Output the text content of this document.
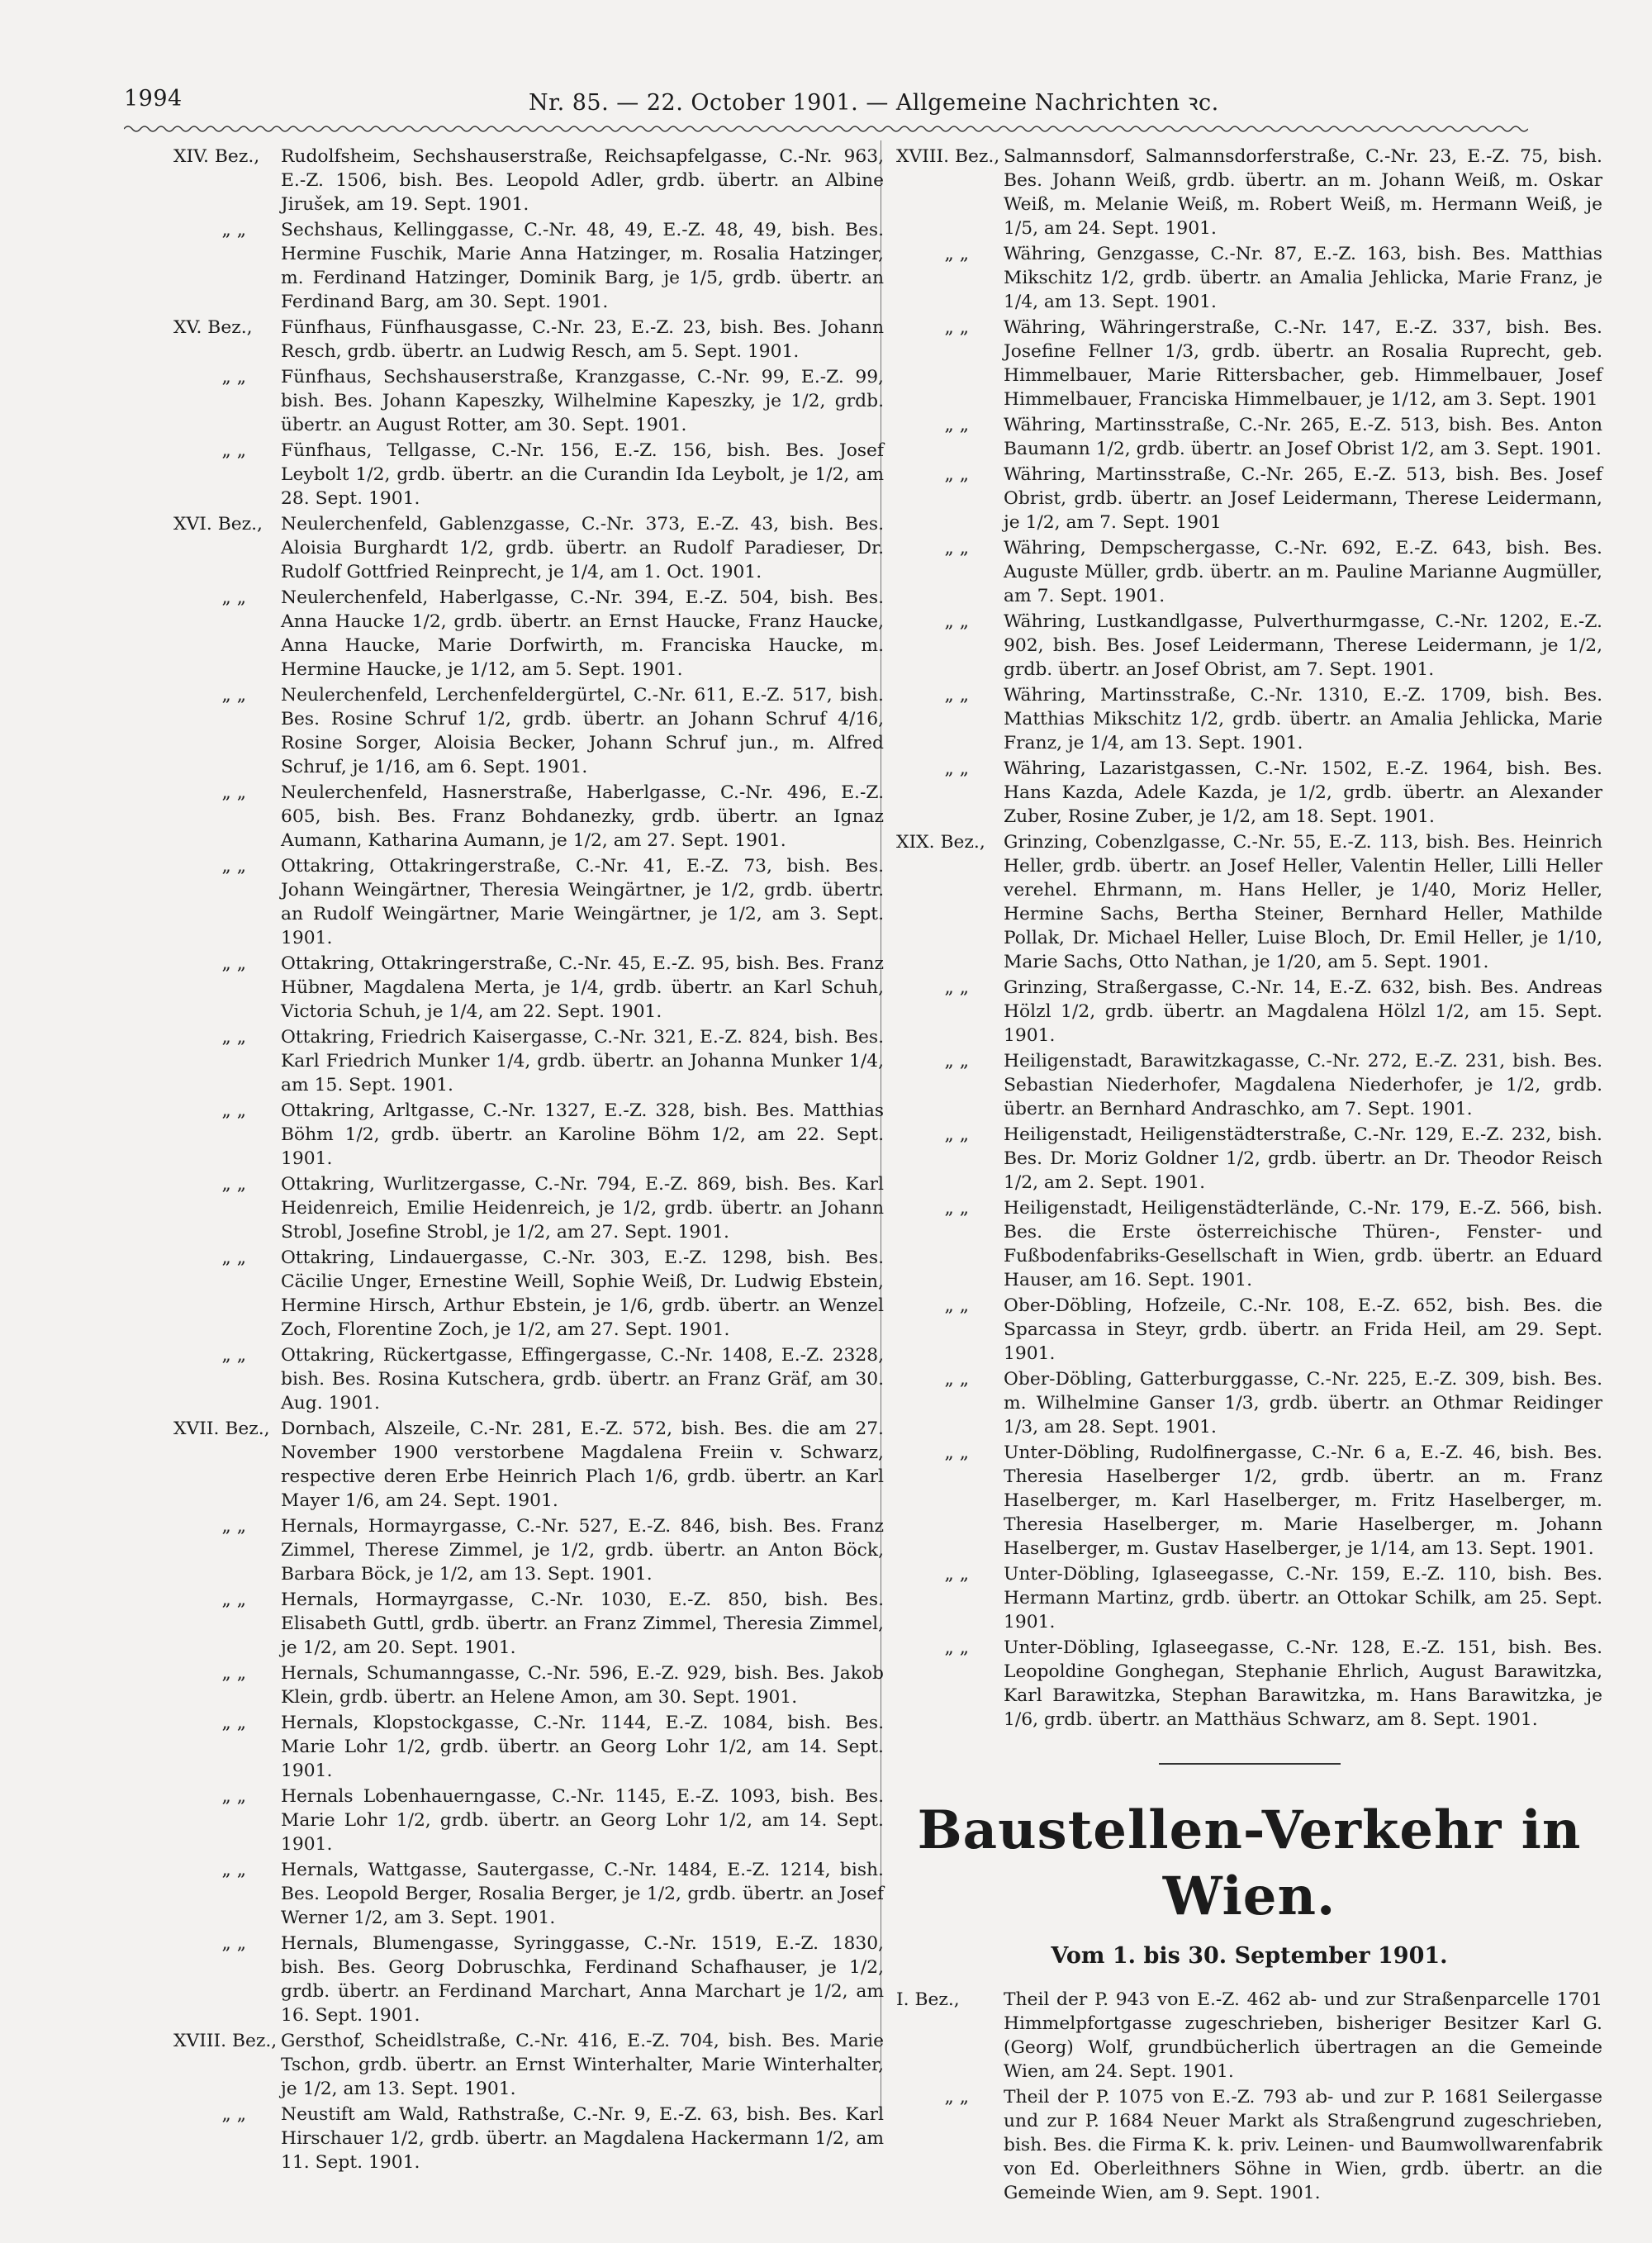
1994	Nr. 85. — 22. October 1901. — Allgemeine Nachrichten ꝛc.
XIV. Bez.,	Rudolfsheim, Sechshauserstraße, Reichsapfelgasse, C.-Nr. 963, E.-Z. 1506, bish. Bes. Leopold Adler, grdb. übertr. an Albine Jirušek, am 19. Sept. 1901.
„ „	Sechshaus, Kellinggasse, C.-Nr. 48, 49, E.-Z. 48, 49, bish. Bes. Hermine Fuschik, Marie Anna Hatzinger, m. Rosalia Hatzinger, m. Ferdinand Hatzinger, Dominik Barg, je 1/5, grdb. übertr. an Ferdinand Barg, am 30. Sept. 1901.
XV. Bez.,	Fünfhaus, Fünfhausgasse, C.-Nr. 23, E.-Z. 23, bish. Bes. Johann Resch, grdb. übertr. an Ludwig Resch, am 5. Sept. 1901.
„ „	Fünfhaus, Sechshauserstraße, Kranzgasse, C.-Nr. 99, E.-Z. 99, bish. Bes. Johann Kapeszky, Wilhelmine Kapeszky, je 1/2, grdb. übertr. an August Rotter, am 30. Sept. 1901.
„ „	Fünfhaus, Tellgasse, C.-Nr. 156, E.-Z. 156, bish. Bes. Josef Leybolt 1/2, grdb. übertr. an die Curandin Ida Leybolt, je 1/2, am 28. Sept. 1901.
XVI. Bez.,	Neulerchenfeld, Gablenzgasse, C.-Nr. 373, E.-Z. 43, bish. Bes. Aloisia Burghardt 1/2, grdb. übertr. an Rudolf Paradieser, Dr. Rudolf Gottfried Reinprecht, je 1/4, am 1. Oct. 1901.
„ „	Neulerchenfeld, Haberlgasse, C.-Nr. 394, E.-Z. 504, bish. Bes. Anna Haucke 1/2, grdb. übertr. an Ernst Haucke, Franz Haucke, Anna Haucke, Marie Dorfwirth, m. Franciska Haucke, m. Hermine Haucke, je 1/12, am 5. Sept. 1901.
„ „	Neulerchenfeld, Lerchenfeldergürtel, C.-Nr. 611, E.-Z. 517, bish. Bes. Rosine Schruf 1/2, grdb. übertr. an Johann Schruf 4/16, Rosine Sorger, Aloisia Becker, Johann Schruf jun., m. Alfred Schruf, je 1/16, am 6. Sept. 1901.
„ „	Neulerchenfeld, Hasnerstraße, Haberlgasse, C.-Nr. 496, E.-Z. 605, bish. Bes. Franz Bohdanezky, grdb. übertr. an Ignaz Aumann, Katharina Aumann, je 1/2, am 27. Sept. 1901.
„ „	Ottakring, Ottakringerstraße, C.-Nr. 41, E.-Z. 73, bish. Bes. Johann Weingärtner, Theresia Weingärtner, je 1/2, grdb. übertr. an Rudolf Weingärtner, Marie Weingärtner, je 1/2, am 3. Sept. 1901.
„ „	Ottakring, Ottakringerstraße, C.-Nr. 45, E.-Z. 95, bish. Bes. Franz Hübner, Magdalena Merta, je 1/4, grdb. übertr. an Karl Schuh, Victoria Schuh, je 1/4, am 22. Sept. 1901.
„ „	Ottakring, Friedrich Kaisergasse, C.-Nr. 321, E.-Z. 824, bish. Bes. Karl Friedrich Munker 1/4, grdb. übertr. an Johanna Munker 1/4, am 15. Sept. 1901.
„ „	Ottakring, Arltgasse, C.-Nr. 1327, E.-Z. 328, bish. Bes. Matthias Böhm 1/2, grdb. übertr. an Karoline Böhm 1/2, am 22. Sept. 1901.
„ „	Ottakring, Wurlitzergasse, C.-Nr. 794, E.-Z. 869, bish. Bes. Karl Heidenreich, Emilie Heidenreich, je 1/2, grdb. übertr. an Johann Strobl, Josefine Strobl, je 1/2, am 27. Sept. 1901.
„ „	Ottakring, Lindauergasse, C.-Nr. 303, E.-Z. 1298, bish. Bes. Cäcilie Unger, Ernestine Weill, Sophie Weiß, Dr. Ludwig Ebstein, Hermine Hirsch, Arthur Ebstein, je 1/6, grdb. übertr. an Wenzel Zoch, Florentine Zoch, je 1/2, am 27. Sept. 1901.
„ „	Ottakring, Rückertgasse, Effingergasse, C.-Nr. 1408, E.-Z. 2328, bish. Bes. Rosina Kutschera, grdb. übertr. an Franz Gräf, am 30. Aug. 1901.
XVII. Bez., Dornbach, Alszeile, C.-Nr. 281, E.-Z. 572, bish. Bes. die am 27. November 1900 verstorbene Magdalena Freiin v. Schwarz, respective deren Erbe Heinrich Plach 1/6, grdb. übertr. an Karl Mayer 1/6, am 24. Sept. 1901.
„ „	Hernals, Hormayrgasse, C.-Nr. 527, E.-Z. 846, bish. Bes. Franz Zimmel, Therese Zimmel, je 1/2, grdb. übertr. an Anton Böck, Barbara Böck, je 1/2, am 13. Sept. 1901.
„ „	Hernals, Hormayrgasse, C.-Nr. 1030, E.-Z. 850, bish. Bes. Elisabeth Guttl, grdb. übertr. an Franz Zimmel, Theresia Zimmel, je 1/2, am 20. Sept. 1901.
„ „	Hernals, Schumanngasse, C.-Nr. 596, E.-Z. 929, bish. Bes. Jakob Klein, grdb. übertr. an Helene Amon, am 30. Sept. 1901.
„ „	Hernals, Klopstockgasse, C.-Nr. 1144, E.-Z. 1084, bish. Bes. Marie Lohr 1/2, grdb. übertr. an Georg Lohr 1/2, am 14. Sept. 1901.
„ „	Hernals Lobenhauerngasse, C.-Nr. 1145, E.-Z. 1093, bish. Bes. Marie Lohr 1/2, grdb. übertr. an Georg Lohr 1/2, am 14. Sept. 1901.
„ „	Hernals, Wattgasse, Sautergasse, C.-Nr. 1484, E.-Z. 1214, bish. Bes. Leopold Berger, Rosalia Berger, je 1/2, grdb. übertr. an Josef Werner 1/2, am 3. Sept. 1901.
„ „	Hernals, Blumengasse, Syringgasse, C.-Nr. 1519, E.-Z. 1830, bish. Bes. Georg Dobruschka, Ferdinand Schafhauser, je 1/2, grdb. übertr. an Ferdinand Marchart, Anna Marchart je 1/2, am 16. Sept. 1901.
XVIII. Bez., Gersthof, Scheidlstraße, C.-Nr. 416, E.-Z. 704, bish. Bes. Marie Tschon, grdb. übertr. an Ernst Winterhalter, Marie Winterhalter, je 1/2, am 13. Sept. 1901.
„ „	Neustift am Wald, Rathstraße, C.-Nr. 9, E.-Z. 63, bish. Bes. Karl Hirschauer 1/2, grdb. übertr. an Magdalena Hackermann 1/2, am 11. Sept. 1901.
XVIII. Bez., Salmannsdorf, Salmannsdorferstraße, C.-Nr. 23, E.-Z. 75, bish. Bes. Johann Weiß, grdb. übertr. an m. Johann Weiß, m. Oskar Weiß, m. Melanie Weiß, m. Robert Weiß, m. Hermann Weiß, je 1/5, am 24. Sept. 1901.
„ „	Währing, Genzgasse, C.-Nr. 87, E.-Z. 163, bish. Bes. Matthias Mikschitz 1/2, grdb. übertr. an Amalia Jehlicka, Marie Franz, je 1/4, am 13. Sept. 1901.
„ „	Währing, Währingerstraße, C.-Nr. 147, E.-Z. 337, bish. Bes. Josefine Fellner 1/3, grdb. übertr. an Rosalia Ruprecht, geb. Himmelbauer, Marie Rittersbacher, geb. Himmelbauer, Josef Himmelbauer, Franciska Himmelbauer, je 1/12, am 3. Sept. 1901
„ „	Währing, Martinsstraße, C.-Nr. 265, E.-Z. 513, bish. Bes. Anton Baumann 1/2, grdb. übertr. an Josef Obrist 1/2, am 3. Sept. 1901.
„ „	Währing, Martinsstraße, C.-Nr. 265, E.-Z. 513, bish. Bes. Josef Obrist, grdb. übertr. an Josef Leidermann, Therese Leidermann, je 1/2, am 7. Sept. 1901
„ „	Währing, Dempschergasse, C.-Nr. 692, E.-Z. 643, bish. Bes. Auguste Müller, grdb. übertr. an m. Pauline Marianne Augmüller, am 7. Sept. 1901.
„ „	Währing, Lustkandlgasse, Pulverthurmgasse, C.-Nr. 1202, E.-Z. 902, bish. Bes. Josef Leidermann, Therese Leidermann, je 1/2, grdb. übertr. an Josef Obrist, am 7. Sept. 1901.
„ „	Währing, Martinsstraße, C.-Nr. 1310, E.-Z. 1709, bish. Bes. Matthias Mikschitz 1/2, grdb. übertr. an Amalia Jehlicka, Marie Franz, je 1/4, am 13. Sept. 1901.
„ „	Währing, Lazaristgassen, C.-Nr. 1502, E.-Z. 1964, bish. Bes. Hans Kazda, Adele Kazda, je 1/2, grdb. übertr. an Alexander Zuber, Rosine Zuber, je 1/2, am 18. Sept. 1901.
XIX. Bez.,	Grinzing, Cobenzlgasse, C.-Nr. 55, E.-Z. 113, bish. Bes. Heinrich Heller, grdb. übertr. an Josef Heller, Valentin Heller, Lilli Heller verehel. Ehrmann, m. Hans Heller, je 1/40, Moriz Heller, Hermine Sachs, Bertha Steiner, Bernhard Heller, Mathilde Pollak, Dr. Michael Heller, Luise Bloch, Dr. Emil Heller, je 1/10, Marie Sachs, Otto Nathan, je 1/20, am 5. Sept. 1901.
„ „	Grinzing, Straßergasse, C.-Nr. 14, E.-Z. 632, bish. Bes. Andreas Hölzl 1/2, grdb. übertr. an Magdalena Hölzl 1/2, am 15. Sept. 1901.
„ „	Heiligenstadt, Barawitzkagasse, C.-Nr. 272, E.-Z. 231, bish. Bes. Sebastian Niederhofer, Magdalena Niederhofer, je 1/2, grdb. übertr. an Bernhard Andraschko, am 7. Sept. 1901.
„ „	Heiligenstadt, Heiligenstädterstraße, C.-Nr. 129, E.-Z. 232, bish. Bes. Dr. Moriz Goldner 1/2, grdb. übertr. an Dr. Theodor Reisch 1/2, am 2. Sept. 1901.
„ „	Heiligenstadt, Heiligenstädterlände, C.-Nr. 179, E.-Z. 566, bish. Bes. die Erste österreichische Thüren-, Fenster- und Fußbodenfabriks-Gesellschaft in Wien, grdb. übertr. an Eduard Hauser, am 16. Sept. 1901.
„ „	Ober-Döbling, Hofzeile, C.-Nr. 108, E.-Z. 652, bish. Bes. die Sparcassa in Steyr, grdb. übertr. an Frida Heil, am 29. Sept. 1901.
„ „	Ober-Döbling, Gatterburggasse, C.-Nr. 225, E.-Z. 309, bish. Bes. m. Wilhelmine Ganser 1/3, grdb. übertr. an Othmar Reidinger 1/3, am 28. Sept. 1901.
„ „	Unter-Döbling, Rudolfinergasse, C.-Nr. 6 a, E.-Z. 46, bish. Bes. Theresia Haselberger 1/2, grdb. übertr. an m. Franz Haselberger, m. Karl Haselberger, m. Fritz Haselberger, m. Theresia Haselberger, m. Marie Haselberger, m. Johann Haselberger, m. Gustav Haselberger, je 1/14, am 13. Sept. 1901.
„ „	Unter-Döbling, Iglaseegasse, C.-Nr. 159, E.-Z. 110, bish. Bes. Hermann Martinz, grdb. übertr. an Ottokar Schilk, am 25. Sept. 1901.
„ „	Unter-Döbling, Iglaseegasse, C.-Nr. 128, E.-Z. 151, bish. Bes. Leopoldine Gonghegan, Stephanie Ehrlich, August Barawitzka, Karl Barawitzka, Stephan Barawitzka, m. Hans Barawitzka, je 1/6, grdb. übertr. an Matthäus Schwarz, am 8. Sept. 1901.
Baustellen-Verkehr in Wien.
Vom 1. bis 30. September 1901.
I. Bez.,	Theil der P. 943 von E.-Z. 462 ab- und zur Straßenparcelle 1701 Himmelpfortgasse zugeschrieben, bisheriger Besitzer Karl G. (Georg) Wolf, grundbücherlich übertragen an die Gemeinde Wien, am 24. Sept. 1901.
„ „	Theil der P. 1075 von E.-Z. 793 ab- und zur P. 1681 Seilergasse und zur P. 1684 Neuer Markt als Straßengrund zugeschrieben, bish. Bes. die Firma K. k. priv. Leinen- und Baumwollwarenfabrik von Ed. Oberleithners Söhne in Wien, grdb. übertr. an die Gemeinde Wien, am 9. Sept. 1901.
